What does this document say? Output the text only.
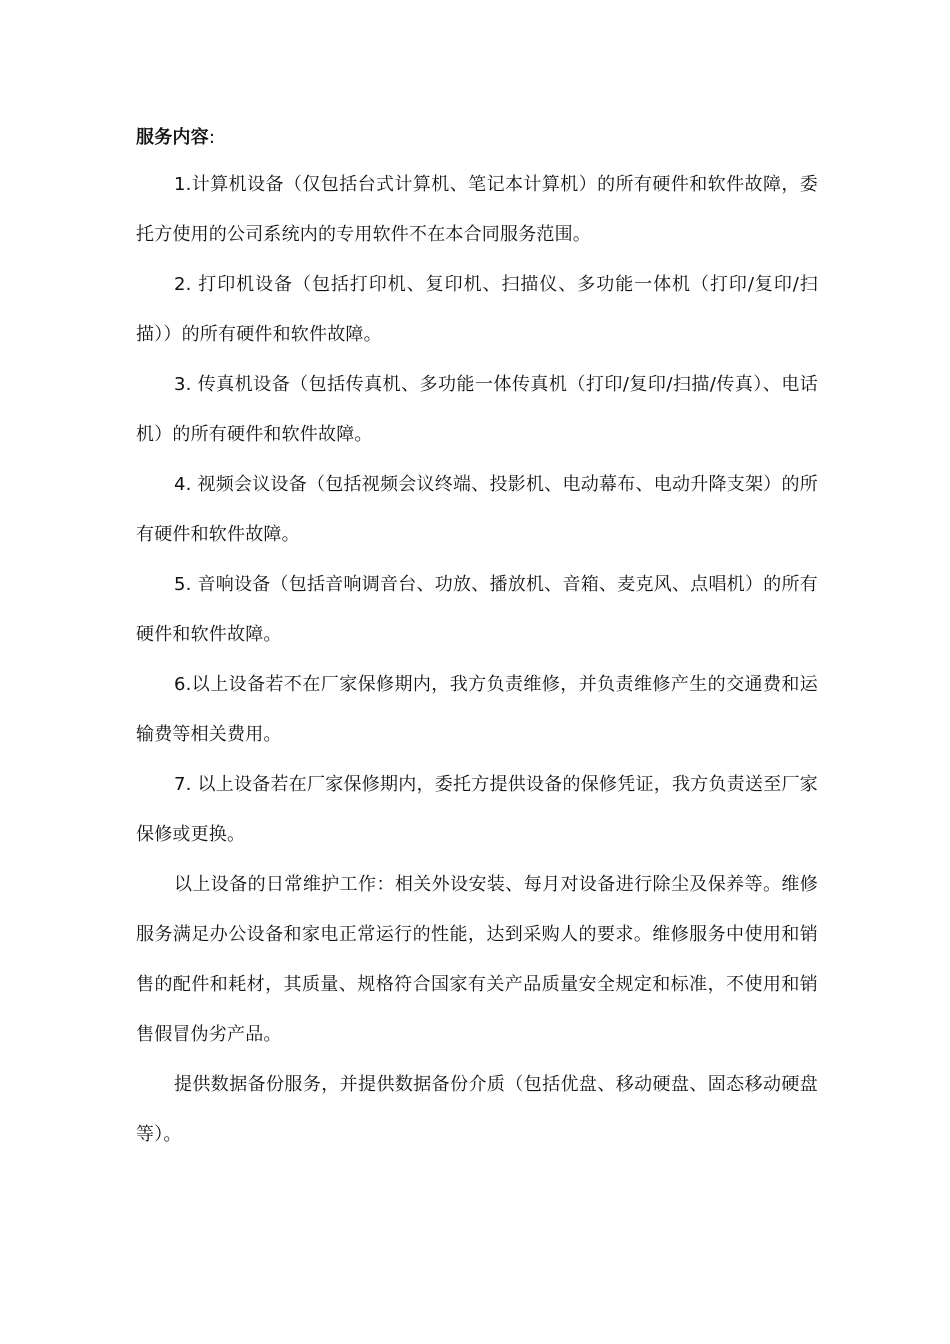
服务内容:

1.计算机设备（仅包括台式计算机、笔记本计算机）的所有硬件和软件故障，委托方使用的公司系统内的专用软件不在本合同服务范围。

2. 打印机设备（包括打印机、复印机、扫描仪、多功能一体机（打印/复印/扫描））的所有硬件和软件故障。

3. 传真机设备（包括传真机、多功能一体传真机（打印/复印/扫描/传真）、电话机）的所有硬件和软件故障。

4. 视频会议设备（包括视频会议终端、投影机、电动幕布、电动升降支架）的所有硬件和软件故障。

5. 音响设备（包括音响调音台、功放、播放机、音箱、麦克风、点唱机）的所有硬件和软件故障。

6.以上设备若不在厂家保修期内，我方负责维修，并负责维修产生的交通费和运输费等相关费用。

7. 以上设备若在厂家保修期内，委托方提供设备的保修凭证，我方负责送至厂家保修或更换。

以上设备的日常维护工作：相关外设安装、每月对设备进行除尘及保养等。维修服务满足办公设备和家电正常运行的性能，达到采购人的要求。维修服务中使用和销售的配件和耗材，其质量、规格符合国家有关产品质量安全规定和标准，不使用和销售假冒伪劣产品。

提供数据备份服务，并提供数据备份介质（包括优盘、移动硬盘、固态移动硬盘等）。
